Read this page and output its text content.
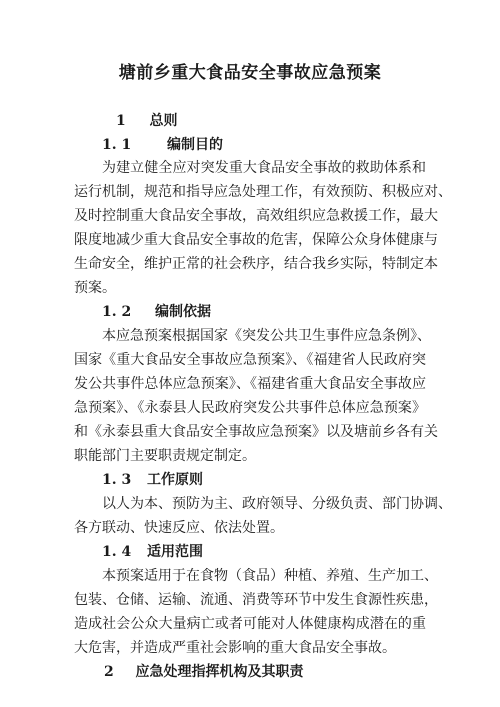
塘前乡重大食品安全事故应急预案
1 总则
1. 1	编制目的
为建立健全应对突发重大食品安全事故的救助体系和
运行机制，规范和指导应急处理工作，有效预防、积极应对、
及时控制重大食品安全事故，高效组织应急救援工作，最大
限度地减少重大食品安全事故的危害，保障公众身体健康与
生命安全，维护正常的社会秩序，结合我乡实际，特制定本
预案。
1. 2 编制依据
本应急预案根据国家《突发公共卫生事件应急条例》、
国家《重大食品安全事故应急预案》、《福建省人民政府突
发公共事件总体应急预案》、《福建省重大食品安全事故应
急预案》、《永泰县人民政府突发公共事件总体应急预案》
和《永泰县重大食品安全事故应急预案》以及塘前乡各有关
职能部门主要职责规定制定。
1. 3 工作原则
以人为本、预防为主、政府领导、分级负责、部门协调、
各方联动、快速反应、依法处置。
1. 4 适用范围
本预案适用于在食物（食品）种植、养殖、生产加工、
包装、仓储、运输、流通、消费等环节中发生食源性疾患，
造成社会公众大量病亡或者可能对人体健康构成潜在的重
大危害，并造成严重社会影响的重大食品安全事故。
2 应急处理指挥机构及其职责
